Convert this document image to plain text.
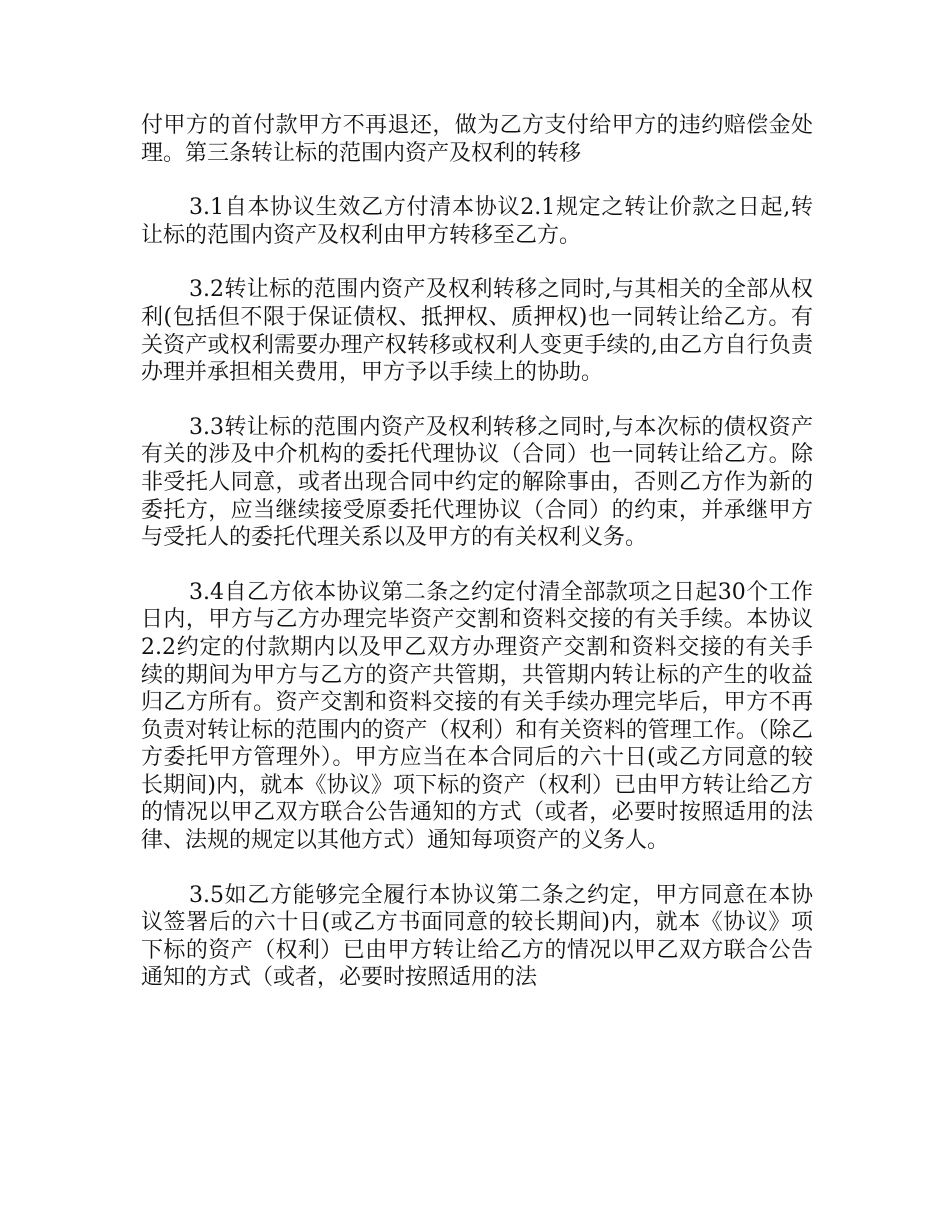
付甲方的首付款甲方不再退还，做为乙方支付给甲方的违约赔偿金处理。第三条转让标的范围内资产及权利的转移

3.1自本协议生效乙方付清本协议2.1规定之转让价款之日起,转让标的范围内资产及权利由甲方转移至乙方。

3.2转让标的范围内资产及权利转移之同时,与其相关的全部从权利(包括但不限于保证债权、抵押权、质押权)也一同转让给乙方。有关资产或权利需要办理产权转移或权利人变更手续的,由乙方自行负责办理并承担相关费用，甲方予以手续上的协助。

3.3转让标的范围内资产及权利转移之同时,与本次标的债权资产有关的涉及中介机构的委托代理协议（合同）也一同转让给乙方。除非受托人同意，或者出现合同中约定的解除事由，否则乙方作为新的委托方，应当继续接受原委托代理协议（合同）的约束，并承继甲方与受托人的委托代理关系以及甲方的有关权利义务。

3.4自乙方依本协议第二条之约定付清全部款项之日起30个工作日内，甲方与乙方办理完毕资产交割和资料交接的有关手续。本协议2.2约定的付款期内以及甲乙双方办理资产交割和资料交接的有关手续的期间为甲方与乙方的资产共管期，共管期内转让标的产生的收益归乙方所有。资产交割和资料交接的有关手续办理完毕后，甲方不再负责对转让标的范围内的资产（权利）和有关资料的管理工作。（除乙方委托甲方管理外）。甲方应当在本合同后的六十日(或乙方同意的较长期间)内，就本《协议》项下标的资产（权利）已由甲方转让给乙方的情况以甲乙双方联合公告通知的方式（或者，必要时按照适用的法律、法规的规定以其他方式）通知每项资产的义务人。

3.5如乙方能够完全履行本协议第二条之约定，甲方同意在本协议签署后的六十日(或乙方书面同意的较长期间)内，就本《协议》项下标的资产（权利）已由甲方转让给乙方的情况以甲乙双方联合公告通知的方式（或者，必要时按照适用的法
